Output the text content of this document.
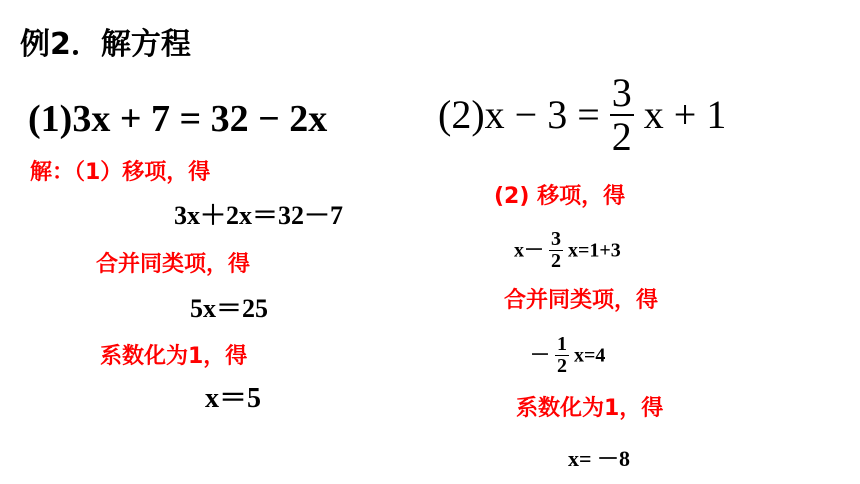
例2．解方程
(1)3x + 7 = 32 − 2x	$(2)x - 3 = \frac{3}{2}$ x + 1
解：（1）移项，得
3x＋2x＝32－7
合并同类项，得
5x＝25
系数化为1，得
x＝5
(2) 移项，得
$x- \frac{3}{2} x=1+3$
合并同类项，得
－ $\frac{1}{2} x=4$
系数化为1，得
x= －8
